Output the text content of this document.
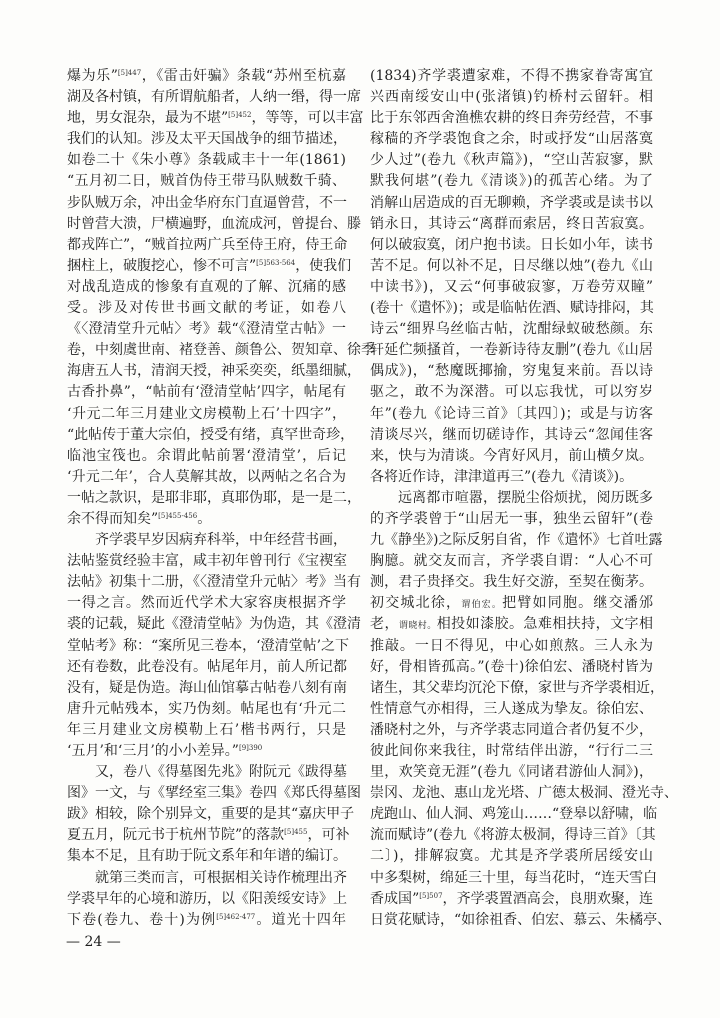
爆为乐”$^{[5]447}$，《雷击奸骗》条载“苏州至杭嘉
湖及各村镇，有所谓航船者，人纳一缗，得一席
地，男女混杂，最为不堪”$^{[5]452}$，等等，可以丰富
我们的认知。涉及太平天国战争的细节描述，
如卷二十《朱小尊》条载咸丰十一年(1861)
“五月初二日，贼首伪侍王带马队贼数千骑、
步队贼万余，冲出金华府东门直逼曾营，不一
时曾营大溃，尸横遍野，血流成河，曾提台、滕
都戎阵亡”，“贼首拉两广兵至侍王府，侍王命
捆柱上，破腹挖心，惨不可言”$^{[5]563-564}$，使我们
对战乱造成的惨象有直观的了解、沉痛的感
受。涉及对传世书画文献的考证，如卷八
《〈澄清堂升元帖〉考》载“《澄清堂古帖》一
卷，中刻虞世南、褚登善、颜鲁公、贺知章、徐季
海唐五人书，清润天授，神采奕奕，纸墨细腻，
古香扑鼻”，“帖前有‘澄清堂帖’四字，帖尾有
‘升元二年三月建业文房模勒上石’十四字”，
“此帖传于董大宗伯，授受有绪，真罕世奇珍，
临池宝筏也。余谓此帖前署‘澄清堂’，后记
‘升元二年’，合人莫解其故，以两帖之名合为
一帖之款识，是耶非耶，真耶伪耶，是一是二，
余不得而知矣”$^{[5]455-456}$。
齐学裘早岁因病弃科举，中年经营书画，
法帖鉴赏经验丰富，咸丰初年曾刊行《宝禊室
法帖》初集十二册，《〈澄清堂升元帖〉考》当有
一得之言。然而近代学术大家容庚根据齐学
裘的记载，疑此《澄清堂帖》为伪造，其《澄清
堂帖考》称：“案所见三卷本，‘澄清堂帖’之下
还有卷数，此卷没有。帖尾年月，前人所记都
没有，疑是伪造。海山仙馆摹古帖卷八刻有南
唐升元帖残本，实乃伪刻。帖尾也有‘升元二
年三月建业文房模勒上石’楷书两行，只是
‘五月’和‘三月’的小小差异。”$^{[9]390}$
又，卷八《得墓图先兆》附阮元《跋得墓
图》一文，与《揅经室三集》卷四《郑氏得墓图
跋》相较，除个别异文，重要的是其“嘉庆甲子
夏五月，阮元书于杭州节院”的落款$^{[5]455}$，可补
集本不足，且有助于阮文系年和年谱的编订。
就第三类而言，可根据相关诗作梳理出齐
学裘早年的心境和游历，以《阳羡绥安诗》上
下卷(卷九、卷十)为例$^{[5]462-477}$。道光十四年
(1834)齐学裘遭家难，不得不携家眷寄寓宜
兴西南绥安山中(张渚镇)钓桥村云留轩。相
比于东邻西舍渔樵农耕的终日奔劳经营，不事
稼穑的齐学裘饱食之余，时或抒发“山居落寞
少人过”(卷九《秋声篇》)，“空山苦寂寥，默
默我何堪”(卷九《清谈》)的孤苦心绪。为了
消解山居造成的百无聊赖，齐学裘或是读书以
销永日，其诗云“离群而索居，终日苦寂寞。
何以破寂寞，闭户抱书读。日长如小年，读书
苦不足。何以补不足，日尽继以烛”(卷九《山
中读书》)，又云“何事破寂寥，万卷劳双瞳”
(卷十《遣怀》)；或是临帖佐酒、赋诗排闷，其
诗云“细界乌丝临古帖，沈酣绿蚁破愁颜。东
轩延伫频搔首，一卷新诗待友删”(卷九《山居
偶成》)，“愁魔既揶揄，穷鬼复来前。吾以诗
驱之，敢不为深潜。可以忘我忧，可以穷岁
年”(卷九《论诗三首》〔其四〕)；或是与访客
清谈尽兴，继而切磋诗作，其诗云“忽闻佳客
来，快与为清谈。今宵好风月，前山横夕岚。
各将近作诗，津津道再三”(卷九《清谈》)。
远离都市喧嚣，摆脱尘俗烦扰，阅历既多
的齐学裘曾于“山居无一事，独坐云留轩”(卷
九《静坐》)之际反躬自省，作《遣怀》七首吐露
胸臆。就交友而言，齐学裘自谓：“人心不可
测，君子贵择交。我生好交游，至契在衡茅。
初交城北徐，谓伯宏。把臂如同胞。继交潘邠
老，谓晓村。相投如漆胶。急难相扶持，文字相
推敲。一日不得见，中心如煎熬。三人永为
好，骨相皆孤高。”(卷十)徐伯宏、潘晓村皆为
诸生，其父辈均沉沦下僚，家世与齐学裘相近，
性情意气亦相得，三人遂成为挚友。徐伯宏、
潘晓村之外，与齐学裘志同道合者仍复不少，
彼此间你来我往，时常结伴出游，“行行二三
里，欢笑竟无涯”(卷九《同诸君游仙人洞》)，
崇冈、龙池、惠山龙光塔、广德太极洞、澄光寺、
虎跑山、仙人洞、鸡笼山……“登皋以舒啸，临
流而赋诗”(卷九《将游太极洞，得诗三首》〔其
二〕)，排解寂寞。尤其是齐学裘所居绥安山
中多梨树，绵延三十里，每当花时，“连天雪白
香成国”$^{[5]507}$，齐学裘置酒高会，良朋欢聚，连
日赏花赋诗，“如徐祖香、伯宏、慕云、朱橘亭、
— 24 —
